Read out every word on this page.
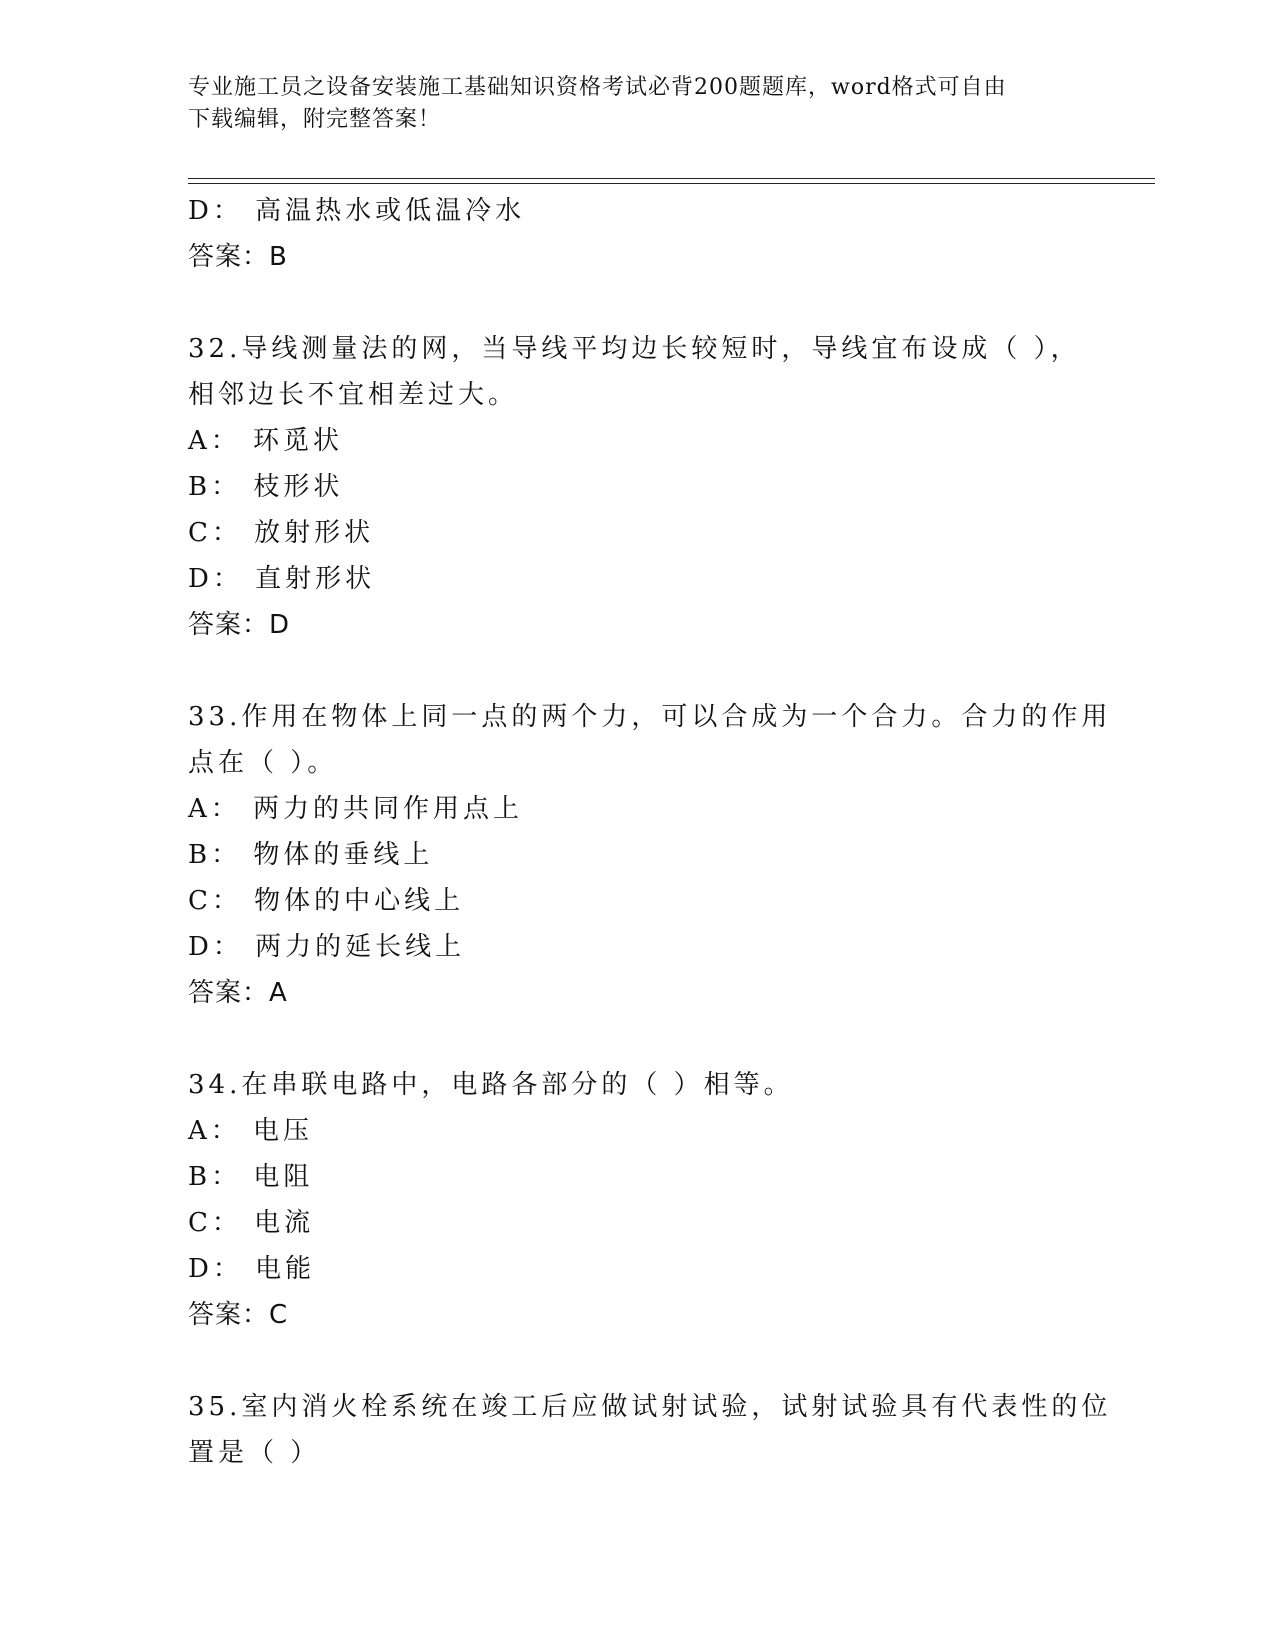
专业施工员之设备安装施工基础知识资格考试必背200题题库，word格式可自由
下载编辑，附完整答案！
D： 高温热水或低温冷水
答案：B
32.导线测量法的网，当导线平均边长较短时，导线宜布设成（ ），
相邻边长不宜相差过大。
A： 环觅状
B： 枝形状
C： 放射形状
D： 直射形状
答案：D
33.作用在物体上同一点的两个力，可以合成为一个合力。合力的作用
点在（ ）。
A： 两力的共同作用点上
B： 物体的垂线上
C： 物体的中心线上
D： 两力的延长线上
答案：A
34.在串联电路中，电路各部分的（ ）相等。
A： 电压
B： 电阻
C： 电流
D： 电能
答案：C
35.室内消火栓系统在竣工后应做试射试验，试射试验具有代表性的位
置是（ ）
